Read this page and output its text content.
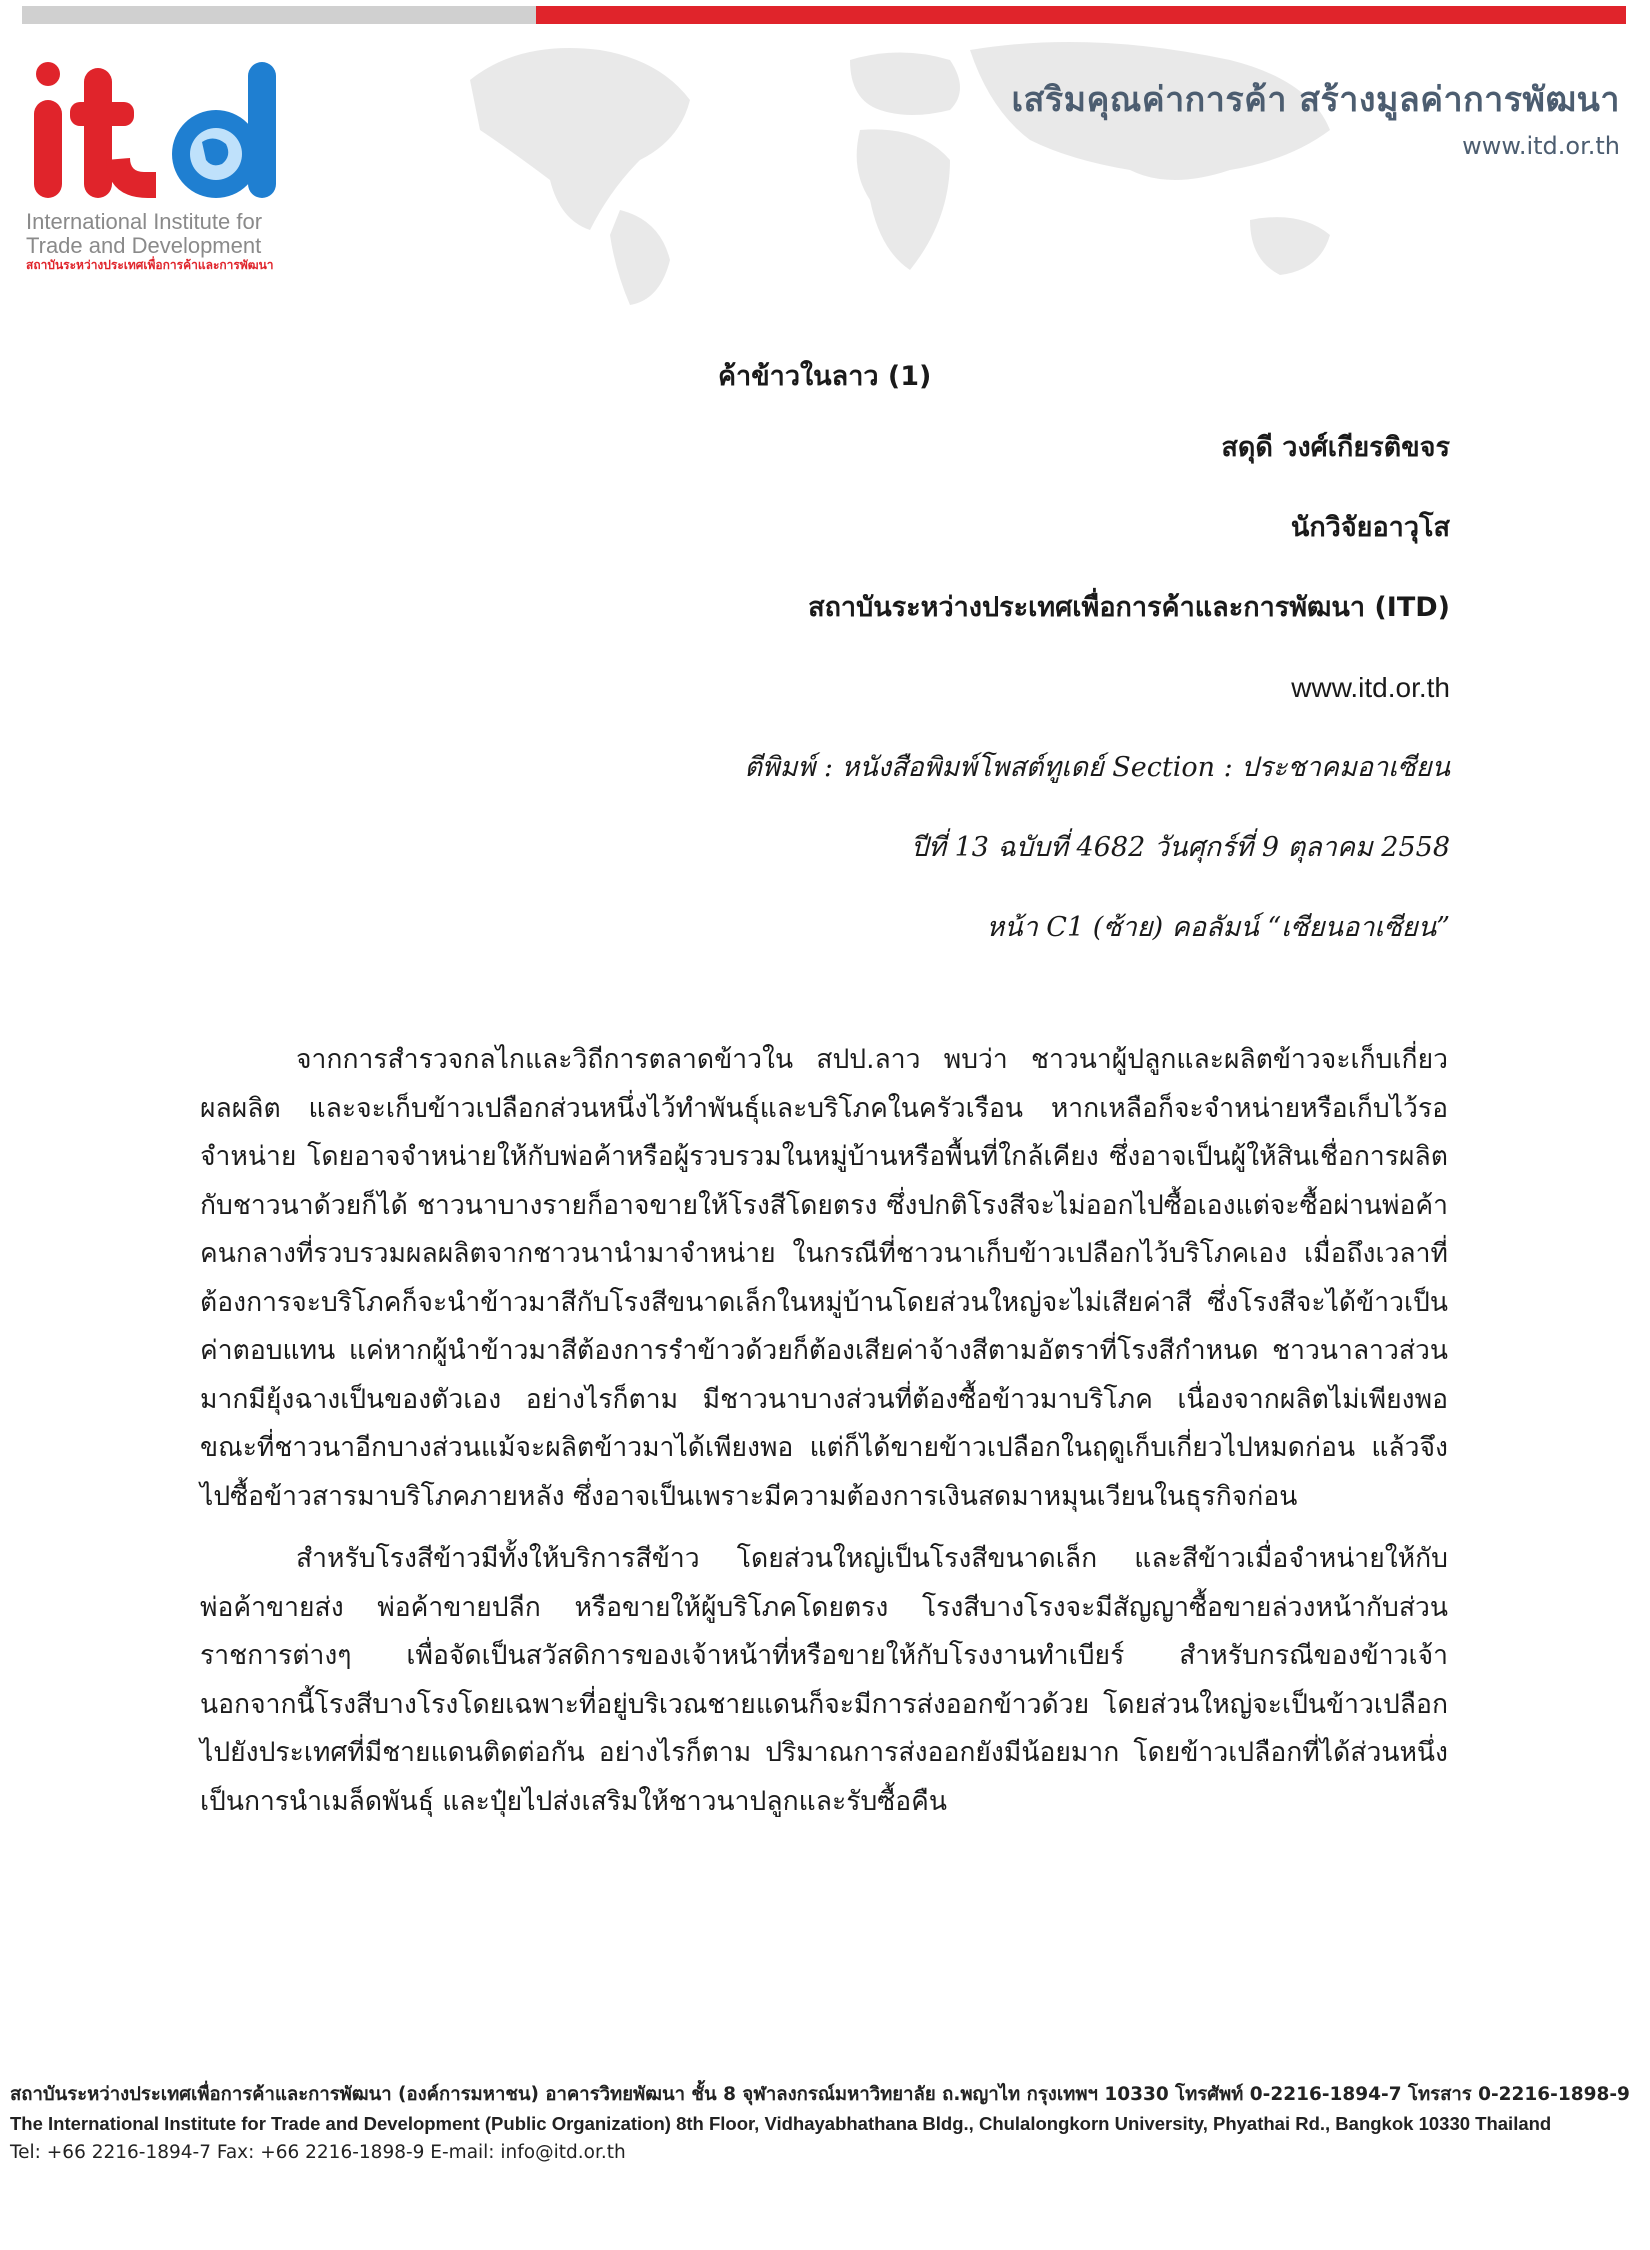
International Institute for
Trade and Development
สถาบันระหว่างประเทศเพื่อการค้าและการพัฒนา
เสริมคุณค่าการค้า สร้างมูลค่าการพัฒนา
www.itd.or.th
ค้าข้าวในลาว (1)
สดุดี วงศ์เกียรติขจร
นักวิจัยอาวุโส
สถาบันระหว่างประเทศเพื่อการค้าและการพัฒนา (ITD)
www.itd.or.th
ตีพิมพ์ : หนังสือพิมพ์โพสต์ทูเดย์ Section : ประชาคมอาเซียน
ปีที่ 13 ฉบับที่ 4682 วันศุกร์ที่ 9 ตุลาคม 2558
หน้า C1 (ซ้าย) คอลัมน์ “เซียนอาเซียน”

จากการสำรวจกลไกและวิถีการตลาดข้าวใน สปป.ลาว พบว่า ชาวนาผู้ปลูกและผลิตข้าวจะเก็บเกี่ยวผลผลิต และจะเก็บข้าวเปลือกส่วนหนึ่งไว้ทำพันธุ์และบริโภคในครัวเรือน หากเหลือก็จะจำหน่ายหรือเก็บไว้รอจำหน่าย โดยอาจจำหน่ายให้กับพ่อค้าหรือผู้รวบรวมในหมู่บ้านหรือพื้นที่ใกล้เคียง ซึ่งอาจเป็นผู้ให้สินเชื่อการผลิตกับชาวนาด้วยก็ได้ ชาวนาบางรายก็อาจขายให้โรงสีโดยตรง ซึ่งปกติโรงสีจะไม่ออกไปซื้อเองแต่จะซื้อผ่านพ่อค้าคนกลางที่รวบรวมผลผลิตจากชาวนานำมาจำหน่าย ในกรณีที่ชาวนาเก็บข้าวเปลือกไว้บริโภคเอง เมื่อถึงเวลาที่ต้องการจะบริโภคก็จะนำข้าวมาสีกับโรงสีขนาดเล็กในหมู่บ้านโดยส่วนใหญ่จะไม่เสียค่าสี ซึ่งโรงสีจะได้ข้าวเป็นค่าตอบแทน แค่หากผู้นำข้าวมาสีต้องการรำข้าวด้วยก็ต้องเสียค่าจ้างสีตามอัตราที่โรงสีกำหนด ชาวนาลาวส่วนมากมียุ้งฉางเป็นของตัวเอง อย่างไรก็ตาม มีชาวนาบางส่วนที่ต้องซื้อข้าวมาบริโภค เนื่องจากผลิตไม่เพียงพอ ขณะที่ชาวนาอีกบางส่วนแม้จะผลิตข้าวมาได้เพียงพอ แต่ก็ได้ขายข้าวเปลือกในฤดูเก็บเกี่ยวไปหมดก่อน แล้วจึงไปซื้อข้าวสารมาบริโภคภายหลัง ซึ่งอาจเป็นเพราะมีความต้องการเงินสดมาหมุนเวียนในธุรกิจก่อน

สำหรับโรงสีข้าวมีทั้งให้บริการสีข้าว โดยส่วนใหญ่เป็นโรงสีขนาดเล็ก และสีข้าวเมื่อจำหน่ายให้กับพ่อค้าขายส่ง พ่อค้าขายปลีก หรือขายให้ผู้บริโภคโดยตรง โรงสีบางโรงจะมีสัญญาซื้อขายล่วงหน้ากับส่วนราชการต่างๆ เพื่อจัดเป็นสวัสดิการของเจ้าหน้าที่หรือขายให้กับโรงงานทำเบียร์ สำหรับกรณีของข้าวเจ้า นอกจากนี้โรงสีบางโรงโดยเฉพาะที่อยู่บริเวณชายแดนก็จะมีการส่งออกข้าวด้วย โดยส่วนใหญ่จะเป็นข้าวเปลือกไปยังประเทศที่มีชายแดนติดต่อกัน อย่างไรก็ตาม ปริมาณการส่งออกยังมีน้อยมาก โดยข้าวเปลือกที่ได้ส่วนหนึ่งเป็นการนำเมล็ดพันธุ์ และปุ๋ยไปส่งเสริมให้ชาวนาปลูกและรับซื้อคืน

สถาบันระหว่างประเทศเพื่อการค้าและการพัฒนา (องค์การมหาชน) อาคารวิทยพัฒนา ชั้น 8 จุฬาลงกรณ์มหาวิทยาลัย ถ.พญาไท กรุงเทพฯ 10330 โทรศัพท์ 0-2216-1894-7 โทรสาร 0-2216-1898-9
The International Institute for Trade and Development (Public Organization) 8th Floor, Vidhayabhathana Bldg., Chulalongkorn University, Phyathai Rd., Bangkok 10330 Thailand
Tel: +66 2216-1894-7 Fax: +66 2216-1898-9 E-mail: info@itd.or.th
